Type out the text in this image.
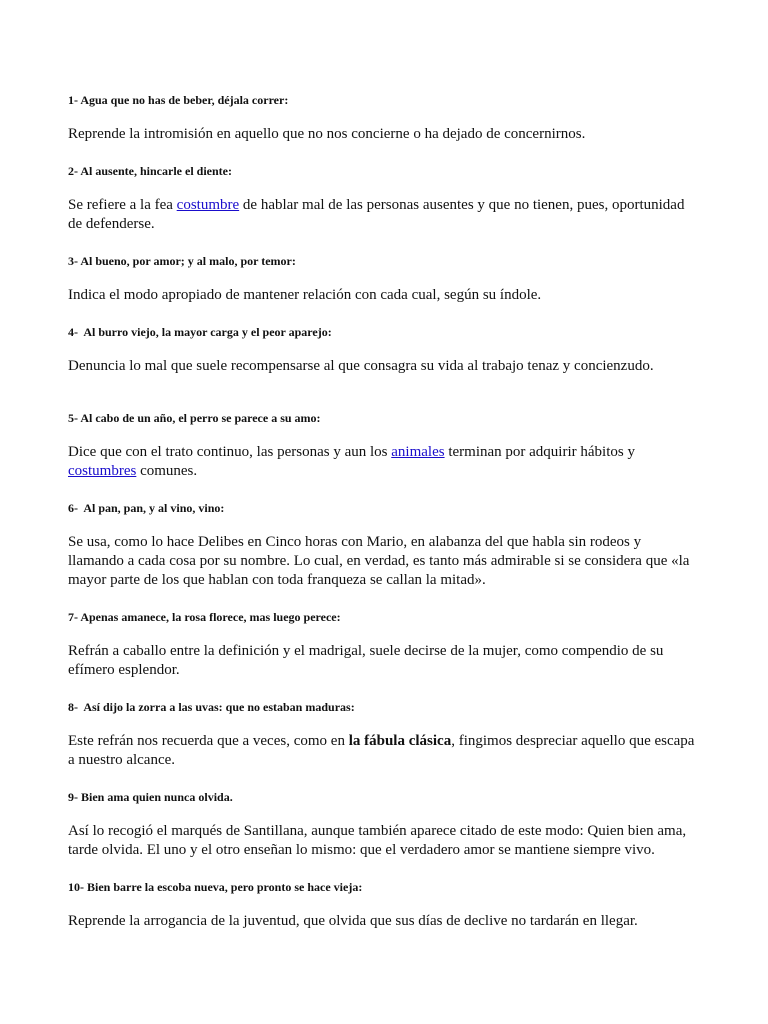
1- Agua que no has de beber, déjala correr:
Reprende la intromisión en aquello que no nos concierne o ha dejado de concernirnos.
2- Al ausente, hincarle el diente:
Se refiere a la fea costumbre de hablar mal de las personas ausentes y que no tienen, pues, oportunidad de defenderse.
3- Al bueno, por amor; y al malo, por temor:
Indica el modo apropiado de mantener relación con cada cual, según su índole.
4-  Al burro viejo, la mayor carga y el peor aparejo:
Denuncia lo mal que suele recompensarse al que consagra su vida al trabajo tenaz y concienzudo.
5- Al cabo de un año, el perro se parece a su amo:
Dice que con el trato continuo, las personas y aun los animales terminan por adquirir hábitos y costumbres comunes.
6-  Al pan, pan, y al vino, vino:
Se usa, como lo hace Delibes en Cinco horas con Mario, en alabanza del que habla sin rodeos y llamando a cada cosa por su nombre. Lo cual, en verdad, es tanto más admirable si se considera que «la mayor parte de los que hablan con toda franqueza se callan la mitad».
7- Apenas amanece, la rosa florece, mas luego perece:
Refrán a caballo entre la definición y el madrigal, suele decirse de la mujer, como compendio de su efímero esplendor.
8-  Así dijo la zorra a las uvas: que no estaban maduras:
Este refrán nos recuerda que a veces, como en la fábula clásica, fingimos despreciar aquello que escapa a nuestro alcance.
9- Bien ama quien nunca olvida.
Así lo recogió el marqués de Santillana, aunque también aparece citado de este modo: Quien bien ama, tarde olvida. El uno y el otro enseñan lo mismo: que el verdadero amor se mantiene siempre vivo.
10- Bien barre la escoba nueva, pero pronto se hace vieja:
Reprende la arrogancia de la juventud, que olvida que sus días de declive no tardarán en llegar.
